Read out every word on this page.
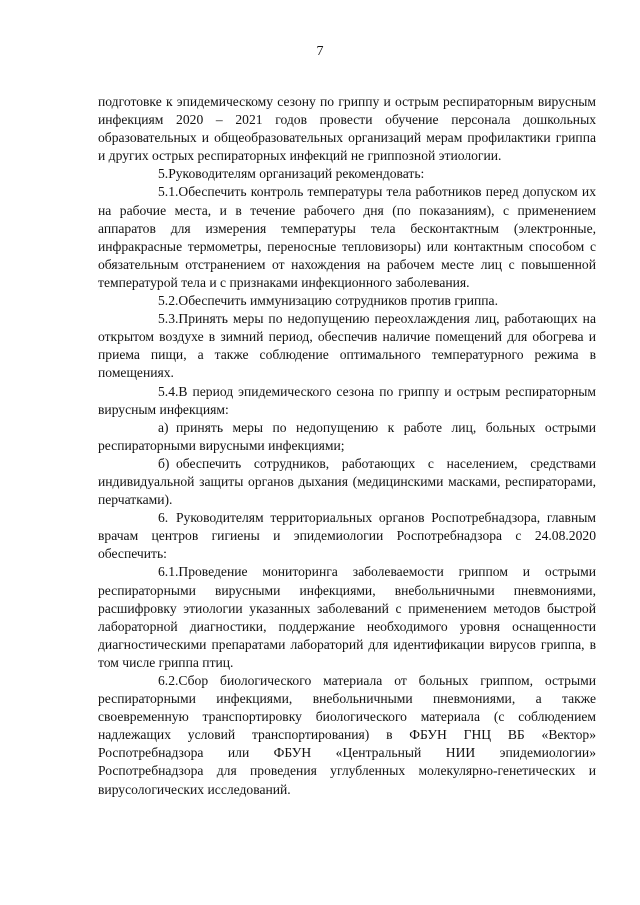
7

подготовке к эпидемическому сезону по гриппу и острым респираторным вирусным инфекциям 2020 – 2021 годов провести обучение персонала дошкольных образовательных и общеобразовательных организаций мерам профилактики гриппа и других острых респираторных инфекций не гриппозной этиологии.

5.Руководителям организаций рекомендовать:

5.1.Обеспечить контроль температуры тела работников перед допуском их на рабочие места, и в течение рабочего дня (по показаниям), с применением аппаратов для измерения температуры тела бесконтактным (электронные, инфракрасные термометры, переносные тепловизоры) или контактным способом с обязательным отстранением от нахождения на рабочем месте лиц с повышенной температурой тела и с признаками инфекционного заболевания.

5.2.Обеспечить иммунизацию сотрудников против гриппа.

5.3.Принять меры по недопущению переохлаждения лиц, работающих на открытом воздухе в зимний период, обеспечив наличие помещений для обогрева и приема пищи, а также соблюдение оптимального температурного режима в помещениях.

5.4.В период эпидемического сезона по гриппу и острым респираторным вирусным инфекциям:

а) принять меры по недопущению к работе лиц, больных острыми респираторными вирусными инфекциями;

б) обеспечить сотрудников, работающих с населением, средствами индивидуальной защиты органов дыхания (медицинскими масками, респираторами, перчатками).

6. Руководителям территориальных органов Роспотребнадзора, главным врачам центров гигиены и эпидемиологии Роспотребнадзора с 24.08.2020 обеспечить:

6.1.Проведение мониторинга заболеваемости гриппом и острыми респираторными вирусными инфекциями, внебольничными пневмониями, расшифровку этиологии указанных заболеваний с применением методов быстрой лабораторной диагностики, поддержание необходимого уровня оснащенности диагностическими препаратами лабораторий для идентификации вирусов гриппа, в том числе гриппа птиц.

6.2.Сбор биологического материала от больных гриппом, острыми респираторными инфекциями, внебольничными пневмониями, а также своевременную транспортировку биологического материала (с соблюдением надлежащих условий транспортирования) в ФБУН ГНЦ ВБ «Вектор» Роспотребнадзора или ФБУН «Центральный НИИ эпидемиологии» Роспотребнадзора для проведения углубленных молекулярно-генетических и вирусологических исследований.
